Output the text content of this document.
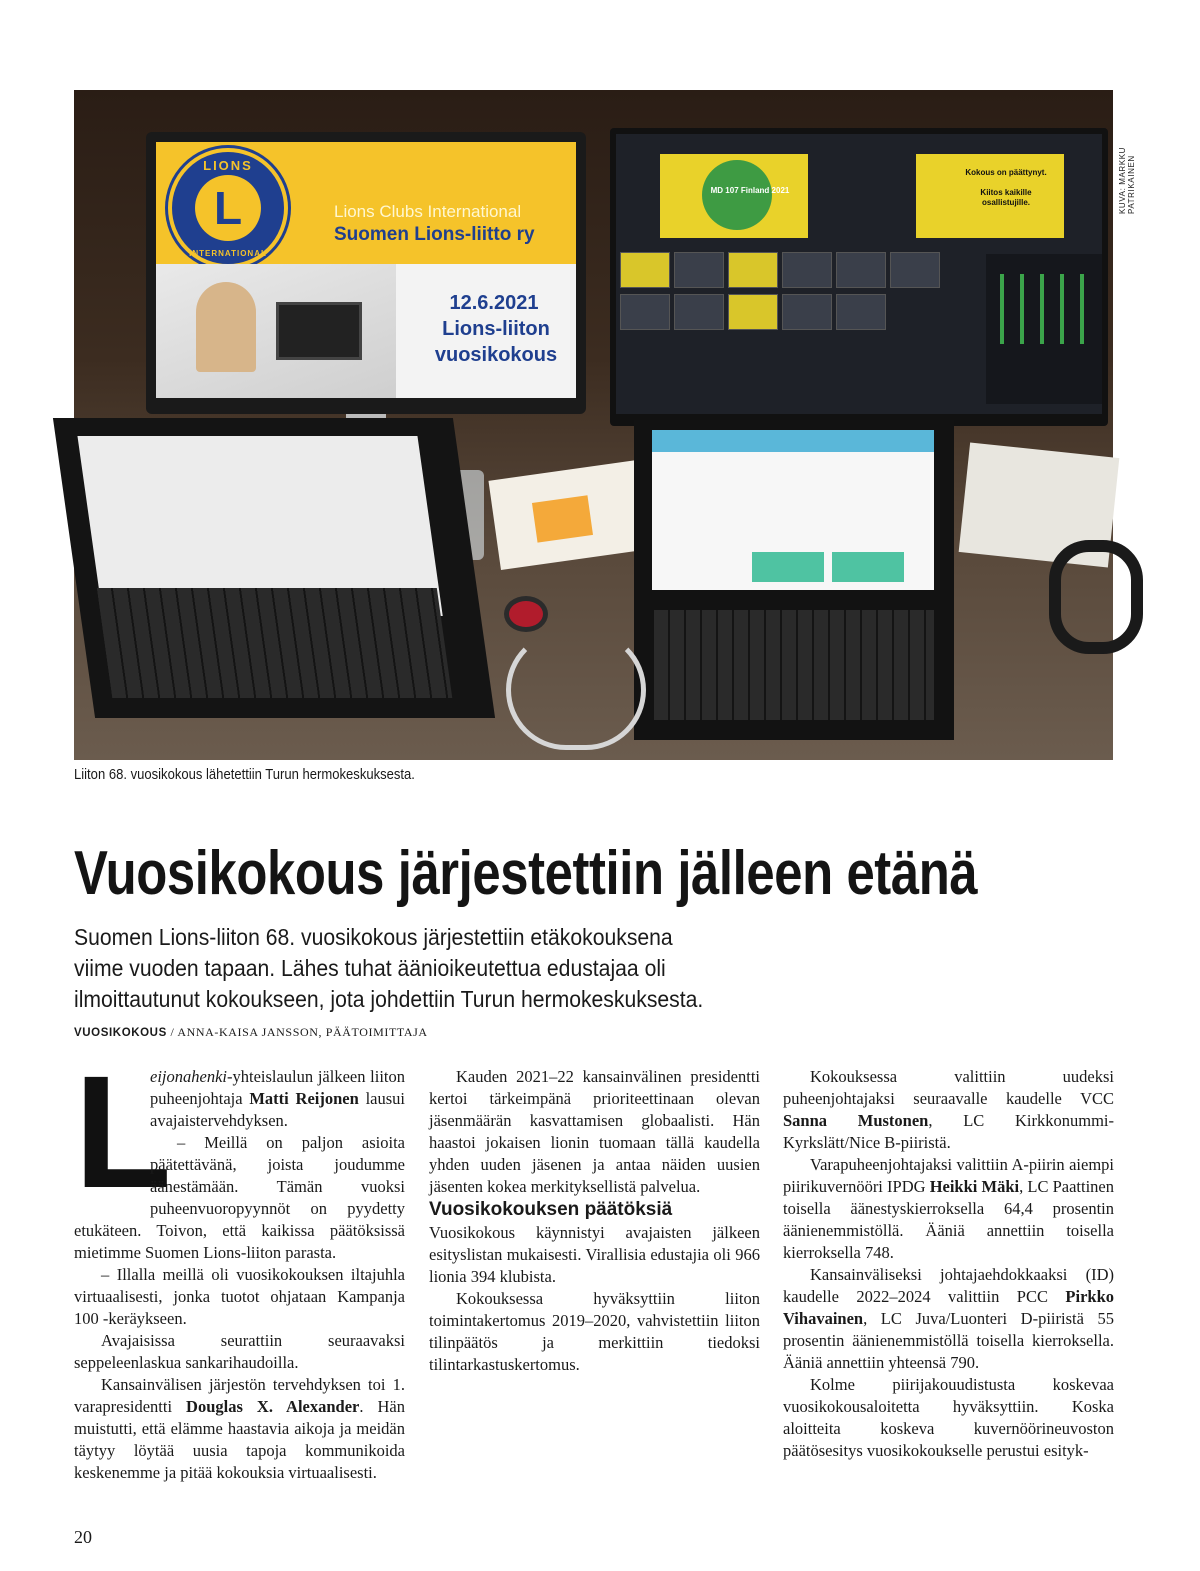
LIONS
L
INTERNATIONAL
Lions Clubs International
Suomen Lions-liitto ry
12.6.2021
Lions-liiton
vuosikokous
MD 107 Finland 2021
Kokous on päättynyt.
Kiitos kaikille osallistujille.	KUVA: MARKKU PATRIKAINEN
Liiton 68. vuosikokous lähetettiin Turun hermokeskuksesta.
Vuosikokous järjestettiin jälleen etänä
Suomen Lions-liiton 68. vuosikokous järjestettiin etäkokouksena
viime vuoden tapaan. Lähes tuhat äänioikeutettua edustajaa oli
ilmoittautunut kokoukseen, jota johdettiin Turun hermokeskuksesta.
VUOSIKOKOUS / ANNA-KAISA JANSSON, PÄÄTOIMITTAJA
L

eijonahenki-yhteislaulun jälkeen liiton puheenjohtaja Matti Reijonen lausui avajaistervehdyksen.

– Meillä on paljon asioita päätettävänä, joista joudumme äänestämään. Tämän vuoksi puheenvuoropyynnöt on pyydetty etukäteen. Toivon, että kaikissa päätöksissä mietimme Suomen Lions-liiton parasta.

– Illalla meillä oli vuosikokouksen iltajuhla virtuaalisesti, jonka tuotot ohjataan Kampanja 100 -keräykseen.

Avajaisissa seurattiin seuraavaksi seppeleenlaskua sankarihaudoilla.

Kansainvälisen järjestön tervehdyksen toi 1. varapresidentti Douglas X. Alexander. Hän muistutti, että elämme haastavia aikoja ja meidän täytyy löytää uusia tapoja kommunikoida keskenemme ja pitää kokouksia virtuaalisesti.

Kauden 2021–22 kansainvälinen presidentti kertoi tärkeimpänä prioriteettinaan olevan jäsenmäärän kasvattamisen globaalisti. Hän haastoi jokaisen lionin tuomaan tällä kaudella yhden uuden jäsenen ja antaa näiden uusien jäsenten kokea merkityksellistä palvelua.

Vuosikokouksen päätöksiä

Vuosikokous käynnistyi avajaisten jälkeen esityslistan mukaisesti. Virallisia edustajia oli 966 lionia 394 klubista.

Kokouksessa hyväksyttiin liiton toimintakertomus 2019–2020, vahvistettiin liiton tilinpäätös ja merkittiin tiedoksi tilintarkastuskertomus.

Kokouksessa valittiin uudeksi puheenjohtajaksi seuraavalle kaudelle VCC Sanna Mustonen, LC Kirkkonummi-Kyrkslätt/Nice B-piiristä.

Varapuheenjohtajaksi valittiin A-piirin aiempi piirikuvernööri IPDG Heikki Mäki, LC Paattinen toisella äänestyskierroksella 64,4 prosentin äänienemmistöllä. Ääniä annettiin toisella kierroksella 748.

Kansainväliseksi johtajaehdokkaaksi (ID) kaudelle 2022–2024 valittiin PCC Pirkko Vihavainen, LC Juva/Luonteri D-piiristä 55 prosentin äänienemmistöllä toisella kierroksella. Ääniä annettiin yhteensä 790.

Kolme piirijakouudistusta koskevaa vuosikokousaloitetta hyväksyttiin. Koska aloitteita koskeva kuvernöörineuvoston päätösesitys vuosikokoukselle perustui esityk-

20
